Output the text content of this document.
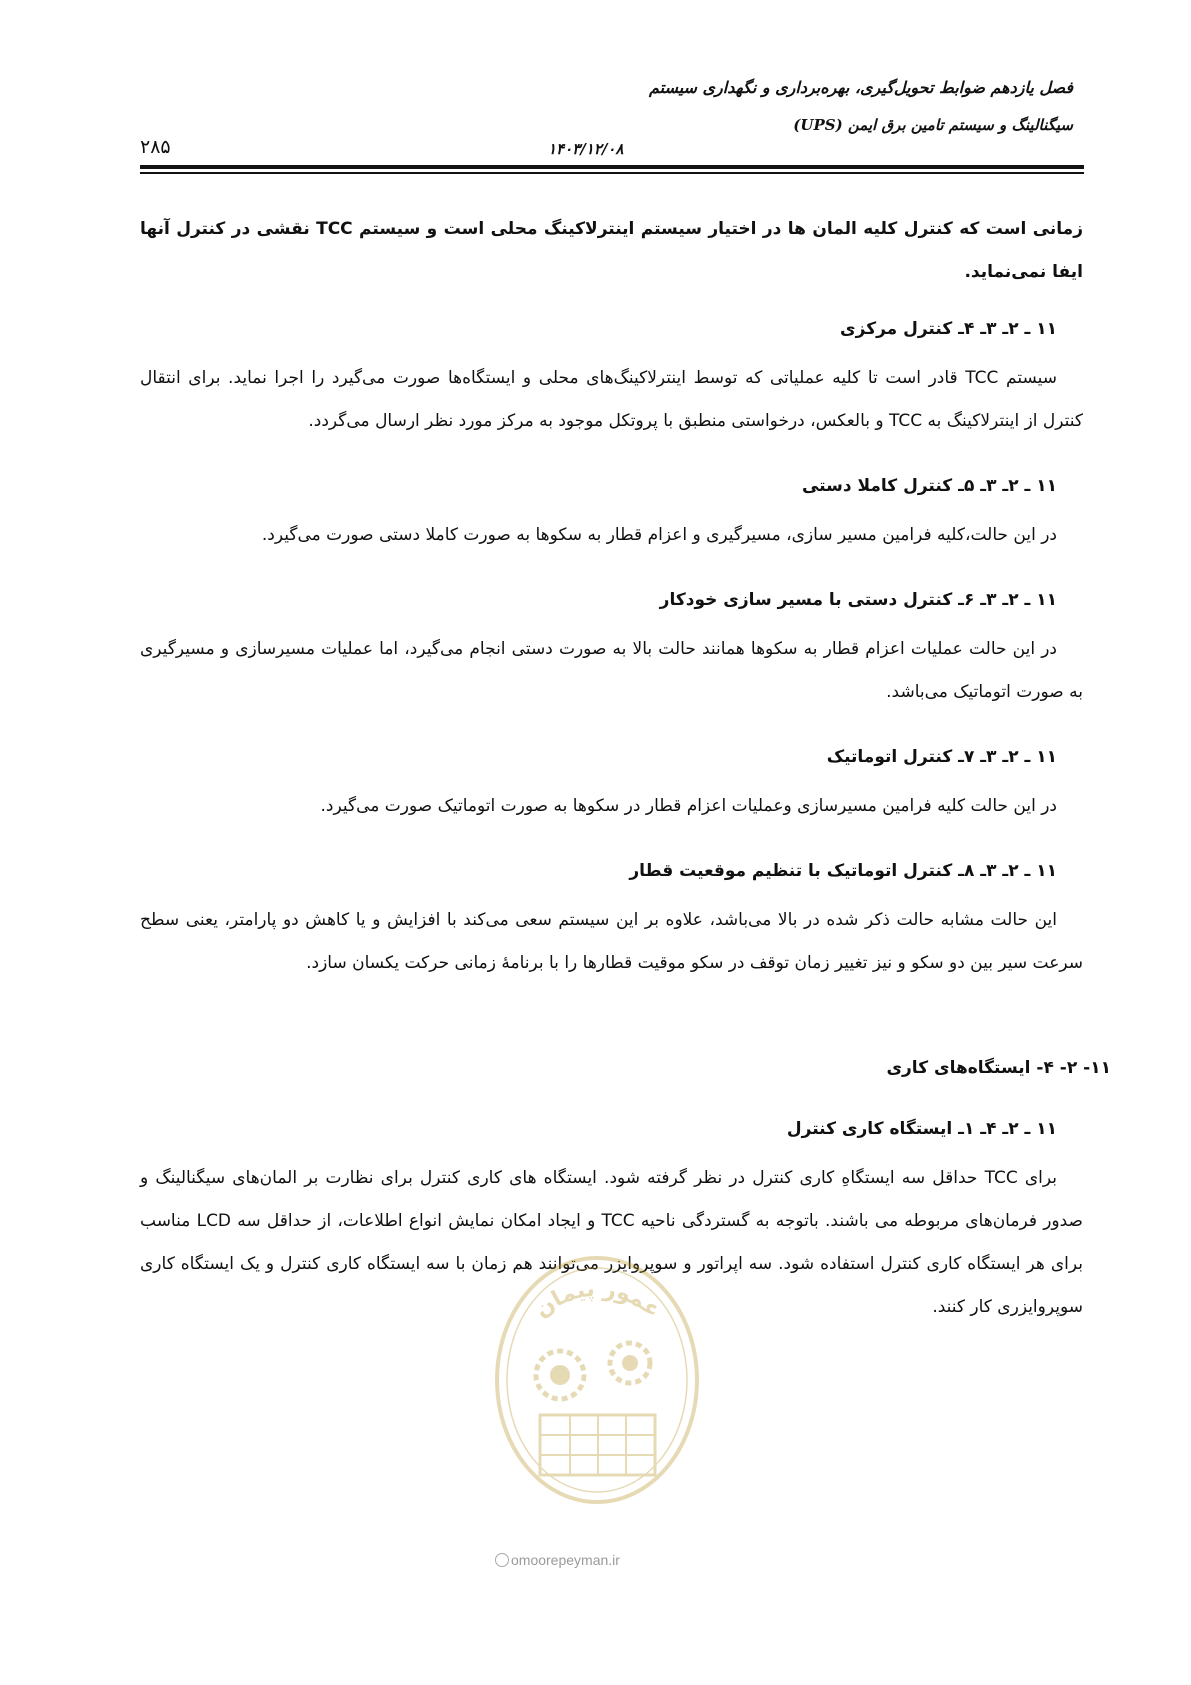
فصل یازدهم ضوابط تحویل‌گیری، بهره‌برداری و نگهداری سیستم
سیگنالینگ و سیستم تامین برق ایمن (UPS)
۱۴۰۳/۱۲/۰۸
۲۸۵

زمانی است که کنترل کلیه المان ها در اختیار سیستم اینترلاکینگ محلی است و سیستم TCC نقشی در کنترل آنها ایفا نمی‌نماید.

۱۱ ـ ۲ـ ۳ـ ۴ـ کنترل مرکزی

سیستم TCC قادر است تا کلیه عملیاتی که توسط اینترلاکینگ‌های محلی و ایستگاه‌ها صورت می‌گیرد را اجرا نماید. برای انتقال کنترل از اینترلاکینگ به TCC و بالعکس، درخواستی منطبق با پروتکل موجود به مرکز مورد نظر ارسال می‌گردد.

۱۱ ـ ۲ـ ۳ـ ۵ـ کنترل کاملا دستی

در این حالت،کلیه فرامین مسیر سازی، مسیرگیری و اعزام قطار به سکوها به صورت کاملا دستی صورت می‌گیرد.

۱۱ ـ ۲ـ ۳ـ ۶ـ کنترل دستی با مسیر سازی خودکار

در این حالت عملیات اعزام قطار به سکوها همانند حالت بالا به صورت دستی انجام می‌گیرد، اما عملیات مسیرسازی و مسیرگیری به صورت اتوماتیک می‌باشد.

۱۱ ـ ۲ـ ۳ـ ۷ـ کنترل اتوماتیک

در این حالت کلیه فرامین مسیرسازی وعملیات اعزام قطار در سکوها به صورت اتوماتیک صورت می‌گیرد.

۱۱ ـ ۲ـ ۳ـ ۸ـ کنترل اتوماتیک با تنظیم موقعیت قطار

این حالت مشابه حالت ذکر شده در بالا می‌باشد، علاوه بر این سیستم سعی می‌کند با افزایش و یا کاهش دو پارامتر، یعنی سطح سرعت سیر بین دو سکو و نیز تغییر زمان توقف در سکو موقیت قطارها را با برنامهٔ زمانی حرکت یکسان سازد.

۱۱- ۲- ۴- ایستگاه‌های کاری

۱۱ ـ ۲ـ ۴ـ ۱ـ ایستگاه کاری کنترل

برای TCC حداقل سه ایستگاهِ کاری کنترل در نظر گرفته شود. ایستگاه های کاری کنترل برای نظارت بر المان‌های سیگنالینگ و صدور فرمان‌های مربوطه می باشند. باتوجه به گستردگی ناحیه TCC و ایجاد امکان نمایش انواع اطلاعات، از حداقل سه LCD مناسب برای هر ایستگاه کاری کنترل استفاده شود. سه اپراتور و سوپروایزر می‌توانند هم زمان با سه ایستگاه کاری کنترل و یک ایستگاه کاری سوپروایزری کار کنند.

عمور پیمان
omoorepeyman.ir
